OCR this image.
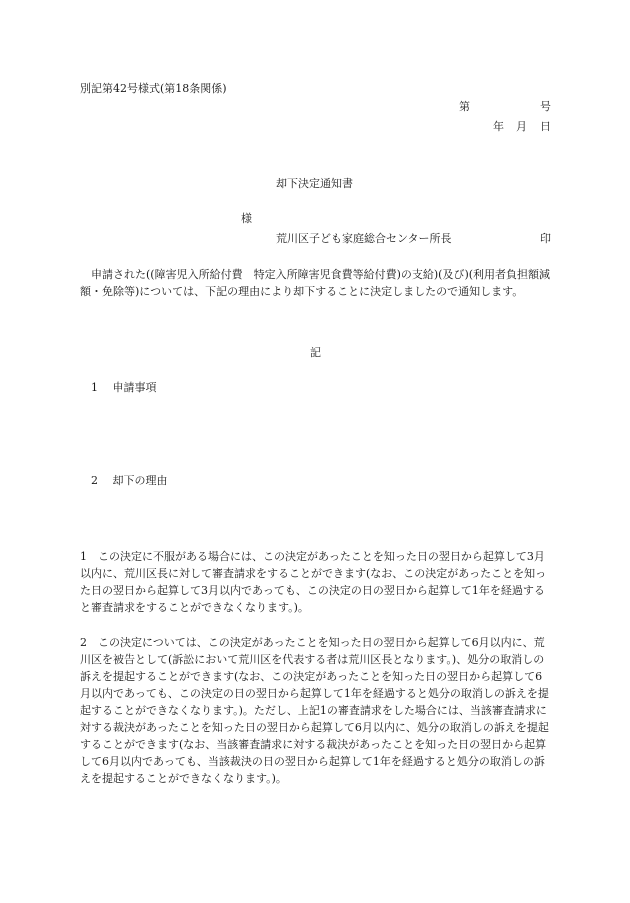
別記第42号様式(第18条関係)
第	号
年 月 日
却下決定通知書
様
荒川区子ども家庭総合センター所長	印

申請された((障害児入所給付費　特定入所障害児食費等給付費)の支給)(及び)(利用者負担額減額・免除等)については、下記の理由により却下することに決定しましたので通知します。

記
1 申請事項
2 却下の理由

1　この決定に不服がある場合には、この決定があったことを知った日の翌日から起算して3月以内に、荒川区長に対して審査請求をすることができます(なお、この決定があったことを知った日の翌日から起算して3月以内であっても、この決定の日の翌日から起算して1年を経過すると審査請求をすることができなくなります。)。

2　この決定については、この決定があったことを知った日の翌日から起算して6月以内に、荒川区を被告として(訴訟において荒川区を代表する者は荒川区長となります。)、処分の取消しの訴えを提起することができます(なお、この決定があったことを知った日の翌日から起算して6月以内であっても、この決定の日の翌日から起算して1年を経過すると処分の取消しの訴えを提起することができなくなります。)。ただし、上記1の審査請求をした場合には、当該審査請求に対する裁決があったことを知った日の翌日から起算して6月以内に、処分の取消しの訴えを提起することができます(なお、当該審査請求に対する裁決があったことを知った日の翌日から起算して6月以内であっても、当該裁決の日の翌日から起算して1年を経過すると処分の取消しの訴えを提起することができなくなります。)。
